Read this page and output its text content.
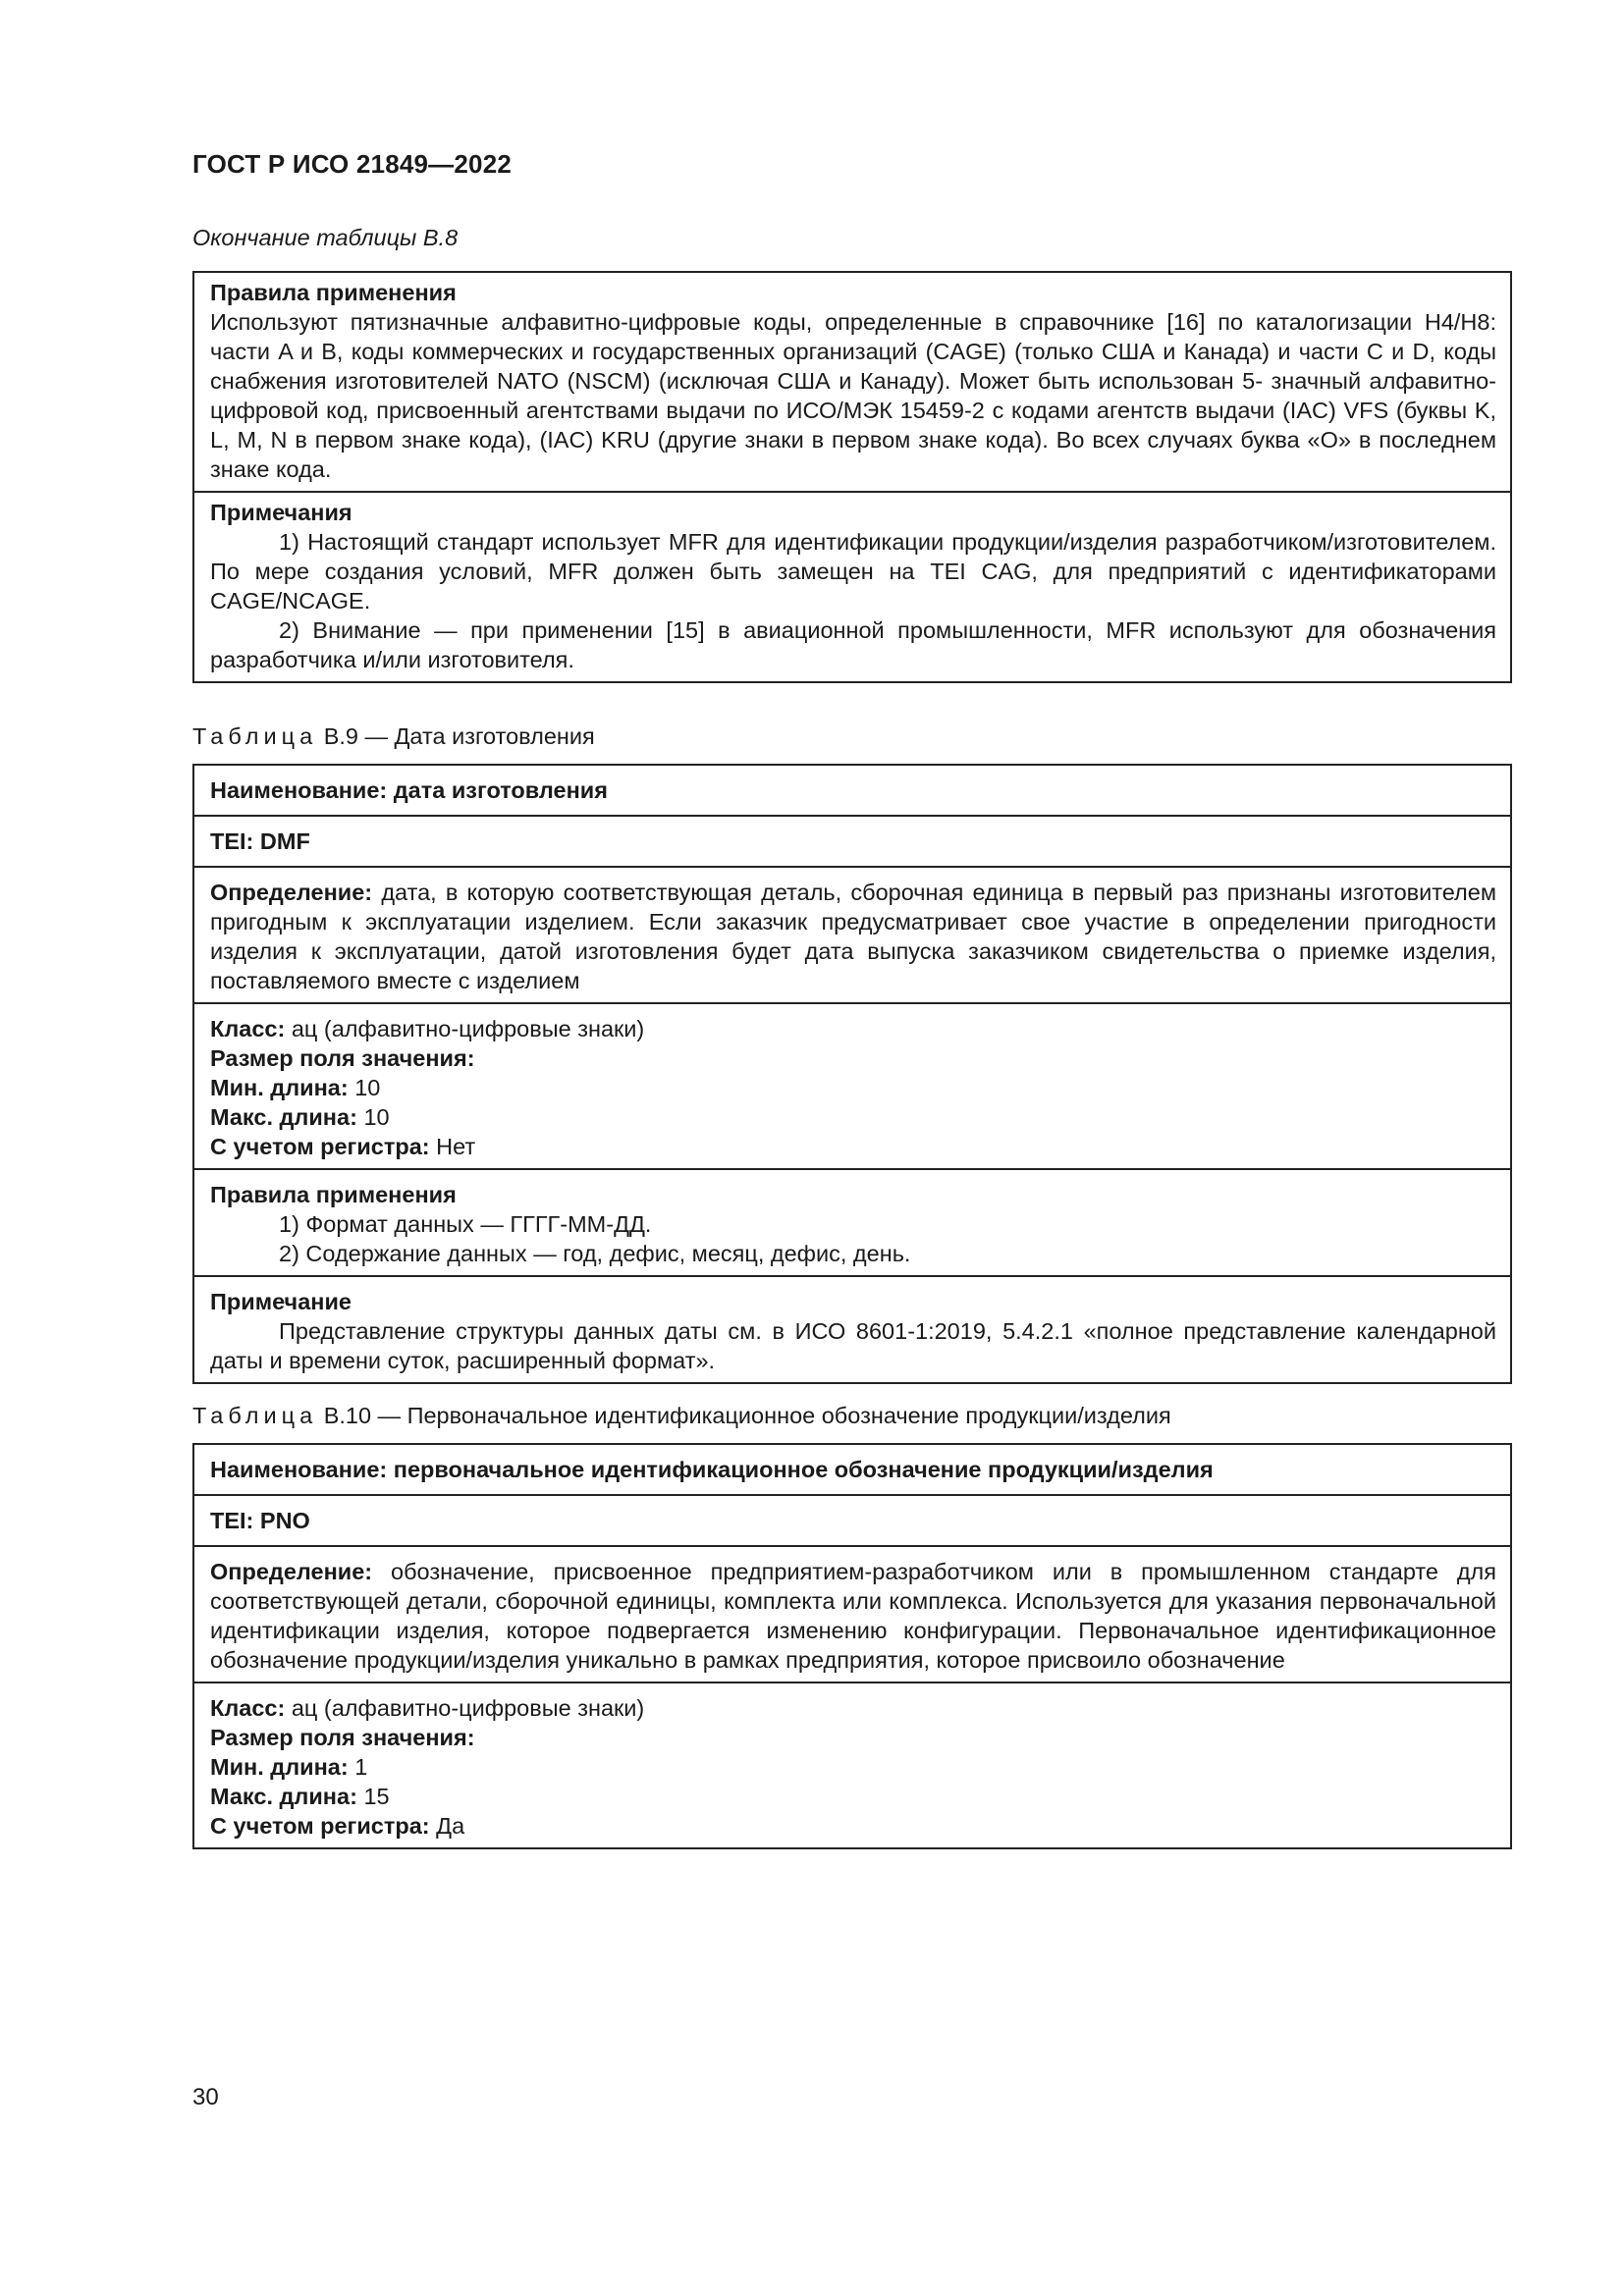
ГОСТ Р ИСО 21849—2022
Окончание таблицы B.8
Правила применения
Используют пятизначные алфавитно-цифровые коды, определенные в справочнике [16] по каталогизации H4/H8: части A и B, коды коммерческих и государственных организаций (CAGE) (только США и Канада) и части C и D, коды снабжения изготовителей NATO (NSCM) (исключая США и Канаду). Может быть использован 5- значный алфавитно-цифровой код, присвоенный агентствами выдачи по ИСО/МЭК 15459-2 с кодами агентств выдачи (IAC) VFS (буквы K, L, M, N в первом знаке кода), (IAC) KRU (другие знаки в первом знаке кода). Во всех случаях буква «O» в последнем знаке кода.
Примечания
1) Настоящий стандарт использует MFR для идентификации продукции/изделия разработчиком/изготовителем. По мере создания условий, MFR должен быть замещен на TEI CAG, для предприятий с идентификаторами CAGE/NCAGE.
2) Внимание — при применении [15] в авиационной промышленности, MFR используют для обозначения разработчика и/или изготовителя.
Таблица B.9 — Дата изготовления
Наименование: дата изготовления
TEI: DMF
Определение: дата, в которую соответствующая деталь, сборочная единица в первый раз признаны изготовителем пригодным к эксплуатации изделием. Если заказчик предусматривает свое участие в определении пригодности изделия к эксплуатации, датой изготовления будет дата выпуска заказчиком свидетельства о приемке изделия, поставляемого вместе с изделием
Класс: ац (алфавитно-цифровые знаки)
Размер поля значения:
Мин. длина: 10
Макс. длина: 10
С учетом регистра: Нет
Правила применения
1) Формат данных — ГГГГ-ММ-ДД.
2) Содержание данных — год, дефис, месяц, дефис, день.
Примечание
Представление структуры данных даты см. в ИСО 8601-1:2019, 5.4.2.1 «полное представление календарной даты и времени суток, расширенный формат».
Таблица B.10 — Первоначальное идентификационное обозначение продукции/изделия
Наименование: первоначальное идентификационное обозначение продукции/изделия
TEI: PNO
Определение: обозначение, присвоенное предприятием-разработчиком или в промышленном стандарте для соответствующей детали, сборочной единицы, комплекта или комплекса. Используется для указания первоначальной идентификации изделия, которое подвергается изменению конфигурации. Первоначальное идентификационное обозначение продукции/изделия уникально в рамках предприятия, которое присвоило обозначение
Класс: ац (алфавитно-цифровые знаки)
Размер поля значения:
Мин. длина: 1
Макс. длина: 15
С учетом регистра: Да
30
